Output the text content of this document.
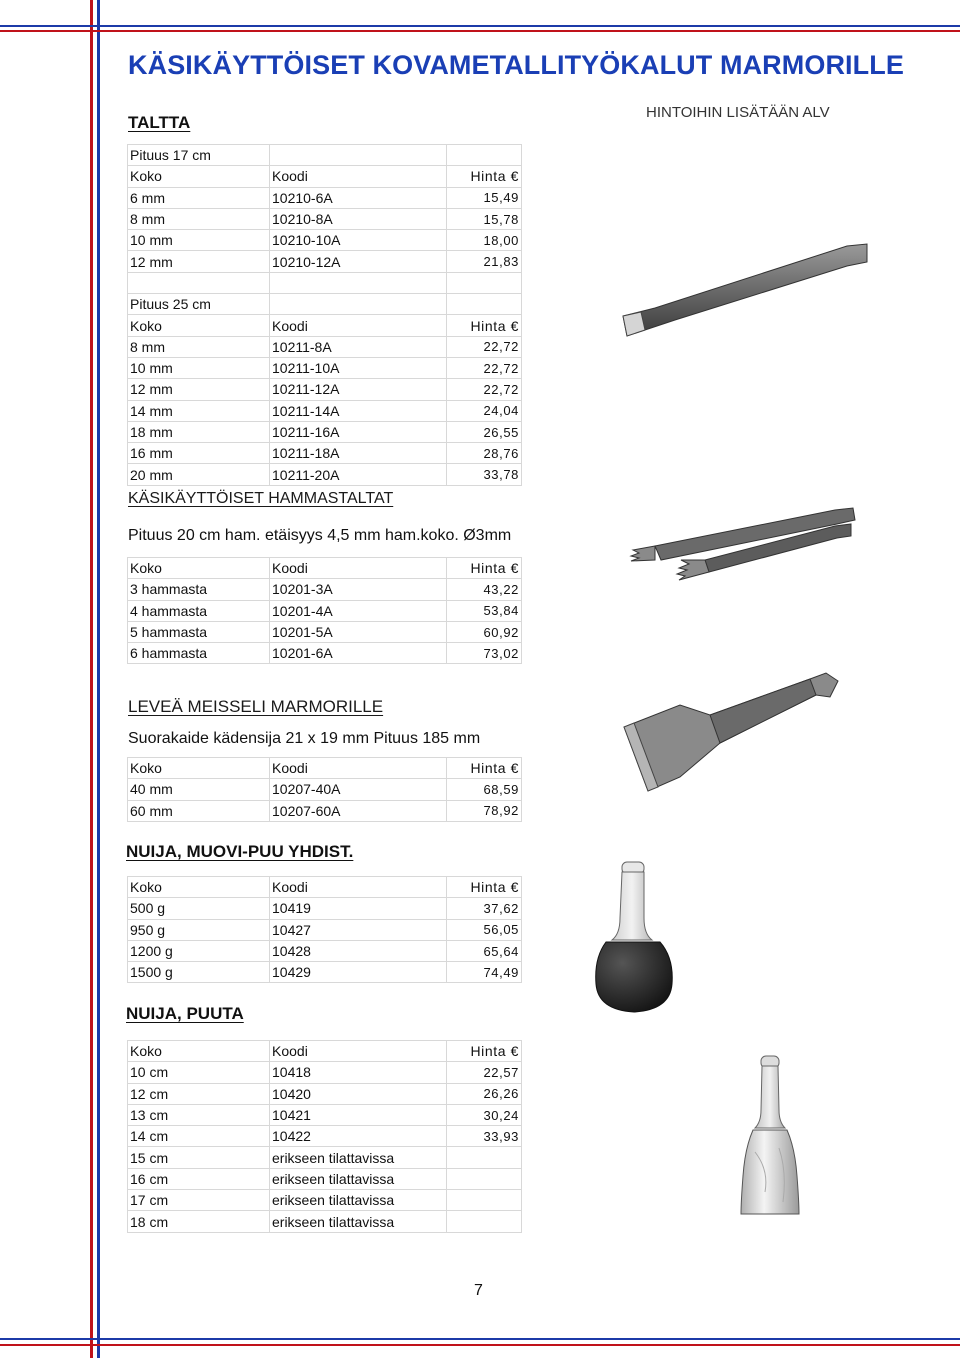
KÄSIKÄYTTÖISET KOVAMETALLITYÖKALUT MARMORILLE
HINTOIHIN LISÄTÄÄN ALV
TALTTA
Pituus 17 cm		
Koko	Koodi	Hinta €
6 mm	10210-6A	15,49
8 mm	10210-8A	15,78
10 mm	10210-10A	18,00
12 mm	10210-12A	21,83

Pituus 25 cm		
Koko	Koodi	Hinta €
8 mm	10211-8A	22,72
10 mm	10211-10A	22,72
12 mm	10211-12A	22,72
14 mm	10211-14A	24,04
18 mm	10211-16A	26,55
16 mm	10211-18A	28,76
20 mm	10211-20A	33,78
KÄSIKÄYTTÖISET HAMMASTALTAT
Pituus 20 cm ham. etäisyys 4,5 mm ham.koko. Ø3mm
Koko	Koodi	Hinta €
3 hammasta	10201-3A	43,22
4 hammasta	10201-4A	53,84
5 hammasta	10201-5A	60,92
6 hammasta	10201-6A	73,02
LEVEÄ MEISSELI MARMORILLE
Suorakaide kädensija 21 x 19 mm Pituus 185 mm
Koko	Koodi	Hinta €
40 mm	10207-40A	68,59
60 mm	10207-60A	78,92
NUIJA, MUOVI-PUU YHDIST.
Koko	Koodi	Hinta €
500 g	10419	37,62
950 g	10427	56,05
1200 g	10428	65,64
1500 g	10429	74,49
NUIJA, PUUTA
Koko	Koodi	Hinta €
10 cm	10418	22,57
12 cm	10420	26,26
13 cm	10421	30,24
14 cm	10422	33,93
15 cm	erikseen tilattavissa	
16 cm	erikseen tilattavissa	
17 cm	erikseen tilattavissa	
18 cm	erikseen tilattavissa	
7
